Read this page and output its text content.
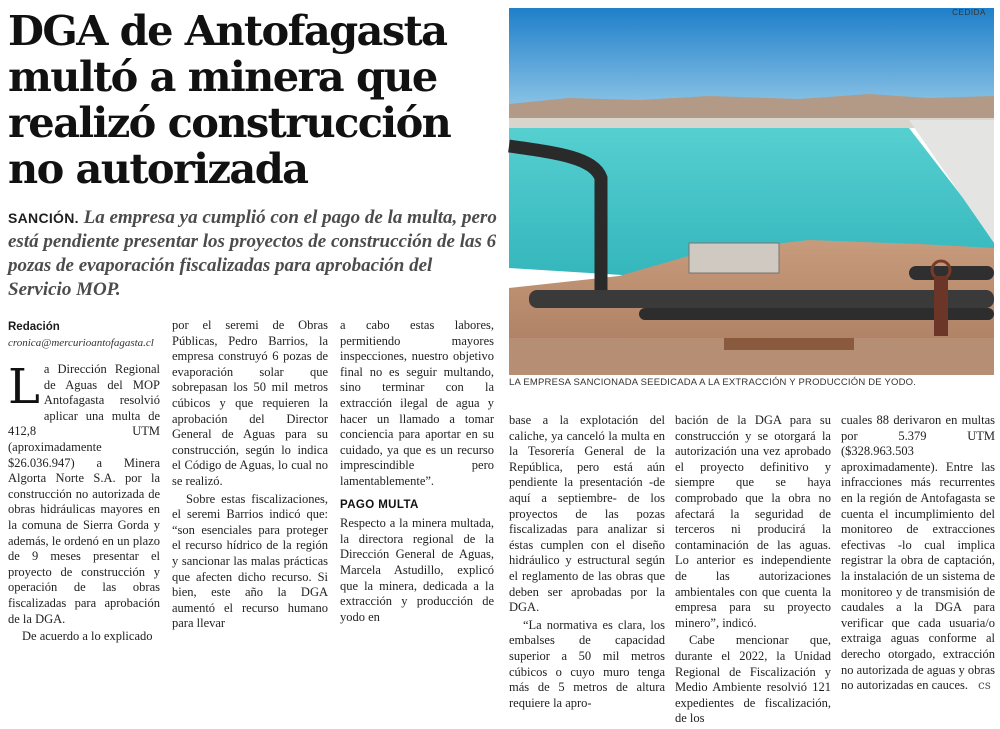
DGA de Antofagasta
multó a minera que
realizó construcción
no autorizada
SANCIÓN. La empresa ya cumplió con el pago de la multa, pero está pendiente presentar los proyectos de construcción de las 6 pozas de evaporación fiscalizadas para aprobación del Servicio MOP.
CEDIDA
LA EMPRESA SANCIONADA SEEDICADA A LA EXTRACCIÓN Y PRODUCCIÓN DE YODO.
Redación
cronica@mercurioantofagasta.cl

La Dirección Regional de Aguas del MOP Antofagasta resolvió aplicar una multa de 412,8 UTM (aproximadamente $26.036.947) a Minera Algorta Norte S.A. por la construcción no autorizada de obras hidráulicas mayores en la comuna de Sierra Gorda y además, le ordenó en un plazo de 9 meses presentar el proyecto de construcción y operación de las obras fiscalizadas para aprobación de la DGA.

De acuerdo a lo explicado

por el seremi de Obras Públicas, Pedro Barrios, la empresa construyó 6 pozas de evaporación solar que sobrepasan los 50 mil metros cúbicos y que requieren la aprobación del Director General de Aguas para su construcción, según lo indica el Código de Aguas, lo cual no se realizó.

Sobre estas fiscalizaciones, el seremi Barrios indicó que: “son esenciales para proteger el recurso hídrico de la región y sancionar las malas prácticas que afecten dicho recurso. Si bien, este año la DGA aumentó el recurso humano para llevar

a cabo estas labores, permitiendo mayores inspecciones, nuestro objetivo final no es seguir multando, sino terminar con la extracción ilegal de agua y hacer un llamado a tomar conciencia para aportar en su cuidado, ya que es un recurso imprescindible pero lamentablemente”.

PAGO MULTA

Respecto a la minera multada, la directora regional de la Dirección General de Aguas, Marcela Astudillo, explicó que la minera, dedicada a la extracción y producción de yodo en

base a la explotación del caliche, ya canceló la multa en la Tesorería General de la República, pero está aún pendiente la presentación -de aquí a septiembre- de los proyectos de las pozas fiscalizadas para analizar si éstas cumplen con el diseño hidráulico y estructural según el reglamento de las obras que deben ser aprobadas por la DGA.

“La normativa es clara, los embalses de capacidad superior a 50 mil metros cúbicos o cuyo muro tenga más de 5 metros de altura requiere la apro-

bación de la DGA para su construcción y se otorgará la autorización una vez aprobado el proyecto definitivo y siempre que se haya comprobado que la obra no afectará la seguridad de terceros ni producirá la contaminación de las aguas. Lo anterior es independiente de las autorizaciones ambientales con que cuenta la empresa para su proyecto minero”, indicó.

Cabe mencionar que, durante el 2022, la Unidad Regional de Fiscalización y Medio Ambiente resolvió 121 expedientes de fiscalización, de los

cuales 88 derivaron en multas por 5.379 UTM ($328.963.503 aproximadamente). Entre las infracciones más recurrentes en la región de Antofagasta se cuenta el incumplimiento del monitoreo de extracciones efectivas -lo cual implica registrar la obra de captación, la instalación de un sistema de monitoreo y de transmisión de caudales a la DGA para verificar que cada usuaria/o extraiga aguas conforme al derecho otorgado, extracción no autorizada de aguas y obras no autorizadas en cauces. cs
